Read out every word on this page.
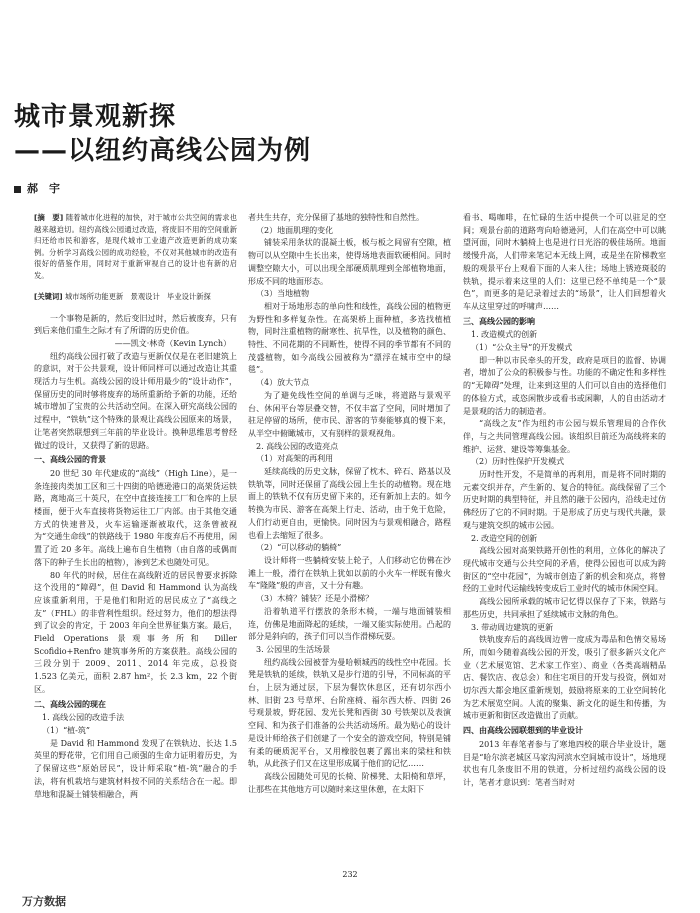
城市景观新探
——以纽约高线公园为例
郝　宇
[摘　要] 随着城市化进程的加快，对于城市公共空间的需求也越来越迫切。纽约高线公园通过改造，将废旧不用的空间重新归还给市民和游客，是现代城市工业遗产改造更新的成功案例。分析学习高线公园的成功经验，不仅对其他城市的改造有很好的借鉴作用，同时对于重新审视自己的设计也有新的启发。
[关键词] 城市场所功能更新　景观设计　毕业设计新探

一个事物是新的，然后变旧过时，然后被废弃，只有到后来他们重生之际才有了所谓的历史价值。

——凯文·林奇（Kevin Lynch）

纽约高线公园打破了改造与更新仅仅是在老旧建筑上的意识，对于公共景观，设计师同样可以通过改造让其重现活力与生机。高线公园的设计师用最少的“设计动作”，保留历史的同时够将废弃的场所重新给予新的功能，还给城市增加了宝贵的公共活动空间。在深入研究高线公园的过程中，“铁轨”这个特殊的景观让高线公园原来的场景，让笔者突然联想到三年前的毕业设计。换种思维思考曾经做过的设计，又获得了新的思路。

一、高线公园的背景

20 世纪 30 年代建成的“高线”（High Line），是一条连接肉类加工区和三十四街的哈德逊港口的高架货运铁路，离地高三十英尺，在空中直接连接工厂和仓库的上层楼面，便于火车直接将货物运往工厂内部。由于其他交通方式的快速普及，火车运输逐渐被取代，这条曾被视为“交通生命线”的铁路线于 1980 年废弃后不再使用，闲置了近 20 多年。高线上遍布自生植物（由自落的或偶而落下的种子生长出的植物），渗到艺术也随处可见。

80 年代的时候，居住在高线附近的居民曾要求拆除这个没用的“障碍”，但 David 和 Hammond 认为高线应该重新利用，于是他们和附近的居民成立了“高线之友”（FHL）的非营利性组织。经过努力，他们的想法得到了议会的肯定，于 2003 年向全世界征集方案。最后，Field Operations 景观事务所和 Diller Scofidio+Renfro 建筑事务所的方案获胜。高线公园的三段分别于 2009、2011、2014 年完成，总投资 1.523 亿美元，面积 2.87 hm²，长 2.3 km，22 个街区。

二、高线公园的现在

1. 高线公园的改造手法

（1）“植-筑”

是 David 和 Hammond 发现了在铁轨边、长达 1.5 英里的野花带，它们用自己顽强的生命力证明着历史，为了保留这些“原始居民”，设计师采取“植-筑”融合的手法，将有机栽培与建筑材料按不同的关系结合在一起。即草地和混凝土铺装相融合，两

者共生共存，充分保留了基地的独特性和自然性。

（2）地面肌理的变化

铺装采用条状的混凝土板，板与板之间留有空隙，植物可以从空隙中生长出来，使得场地表面软硬相间。同时调整空隙大小，可以出现全部硬质肌理到全部植物地面，形成不同的地面形态。

（3）当地植物

相对于场地形态的单向性和线性，高线公园的植物更为野性和多样复杂性。在高架桥上面种植，多选找植植物，同时注重植物的耐寒性、抗旱性，以及植物的颜色、特性、不同花期的不同断性，使得不同的季节都有不同的茂盛植物，如今高线公园被称为“漂浮在城市空中的绿毯”。

（4）放大节点

为了避免线性空间的单调与乏味，将道路与景观平台、休闲平台等层叠交替，不仅丰富了空间，同时增加了驻足停留的场所，使市民、游客的节奏能够真的慢下来，从半空中俯瞰城市，又有别样的景观视角。

2. 高线公园的改造亮点

（1）对高架的再利用

延续高线的历史文脉，保留了枕木、碎石、路基以及铁轨等，同时还保留了高线公园上生长的动植物。现在地面上的铁轨不仅有历史留下来的，还有新加上去的。如今转换为市民、游客在高架上行走、活动，由于免于危险，人们行动更自由，更愉快。同时因为与景观相融合，路程也看上去缩短了很多。

（2）“可以移动的躺椅”

设计师将一些躺椅安装上轮子，人们移动它仿佛在沙滩上一般，滑行在铁轨上犹如以前的小火车一样既有像火车“隆隆”般的声音，又十分有趣。

（3）木椅？铺装？还是小滑梯？

沿着轨道平行摆放的条形木椅，一端与地面铺装相连，仿佛是地面降起的延续，一端又能实际使用。凸起的部分是斜向的，孩子们可以当作滑梯玩耍。

3. 公园里的生活场景

纽约高线公园被誉为曼哈顿城西的线性空中花园。长凳是铁轨的延续，铁轨又是步行道的引导，不同标高的平台，上层为通过层，下层为餐饮休息区，还有切尔西小林、旧街 23 号草坪、台阶座椅、福尔西大桥、四街 26 号观景坡，野花园、发光长凳和西街 30 号铁架以及表演空间、和为孩子们准备的公共活动场所。最为贴心的设计是设计师给孩子们创建了一个安全的游戏空间，特别是铺有柔的硬质泥平台，又用橡胶包裹了露出来的梁柱和铁轨，从此孩子们又在这里形成属于他们的记忆……

高线公园随处可见的长椅、阶梯凳、太阳椅和草坪，让那些在其他地方可以随时来这里休憩，在太阳下

看书、喝咖啡，在忙碌的生活中提供一个可以驻足的空间；观景台前的道路弯向哈德逊河，人们在高空中可以眺望河面，同时木躺椅上也是进行日光浴的极佳场所。地面缓慢升高，人们带来笔记本无线上网，或是坐在阶梯教室般的观景平台上观看下面的人来人往；场地上锈迹斑驳的铁轨，提示着来这里的人们：这里已经不单纯是一个“景色”，而更多的是记录着过去的“场景”，让人们回想着火车从这里穿过的呼啸声……

三、高线公园的影响

1. 改造模式的创新

（1）“公众主导”的开发模式

即一种以市民牵头的开发，政府是项目的监督、协调者，增加了公众的积极参与性。功能的不确定性和多样性的“无障碍”处理，让来到这里的人们可以自由的选择他们的体验方式，或恣闲散步或看书或闲聊，人的自由活动才是景观的活力的制造者。

“高线之友”作为纽约市公园与娱乐管理局的合作伙伴，与之共同管理高线公园。该组织目前还为高线将来的维护、运营、建设等筹集基金。

（2）历时性保护开发模式

历时性开发，不是简单的再利用，而是将不同时期的元素交织并存，产生新的、复合的特征。高线保留了三个历史时期的典型特征，并且然的融于公园内，沿线走过仿佛经历了它的不同时期。于是形成了历史与现代共融，景观与建筑交织的城市公园。

2. 改造空间的创新

高线公园对高架铁路开创性的利用，立体化的解决了现代城市交通与公共空间的矛盾，使得公园也可以成为跨街区的“空中花园”，为城市创造了新的机会和亮点，将曾经的工业时代运输线转变成后工业时代的城市休闲空间。

高线公园所承载的城市记忆得以保存了下来，铁路与那些历史，共同承担了延续城市文脉的角色。

3. 带动周边建筑的更新

铁轨废弃后的高线周边曾一度成为毒品和色情交易场所，而如今随着高线公园的开发，吸引了很多新兴文化产业（艺术展览馆、艺术家工作室）、商业（各类高端精品店、餐饮店、夜总会）和住宅项目的开发与投资，例如对切尔西大都会地区重新规划，鼓励将原来的工业空间转化为艺术展览空间。人流的聚集、新文化的诞生和传播，为城市更新和街区改造做出了贡献。

四、由高线公园联想到的毕业设计

2013 年春笔者参与了寒地四校的联合毕业设计，题目是“哈尔滨老城区马家沟河滨水空间城市设计”，场地现状也有几条废旧不用的铁道，分析过纽约高线公园的设计，笔者才意识到：笔者当时对

232
万方数据
